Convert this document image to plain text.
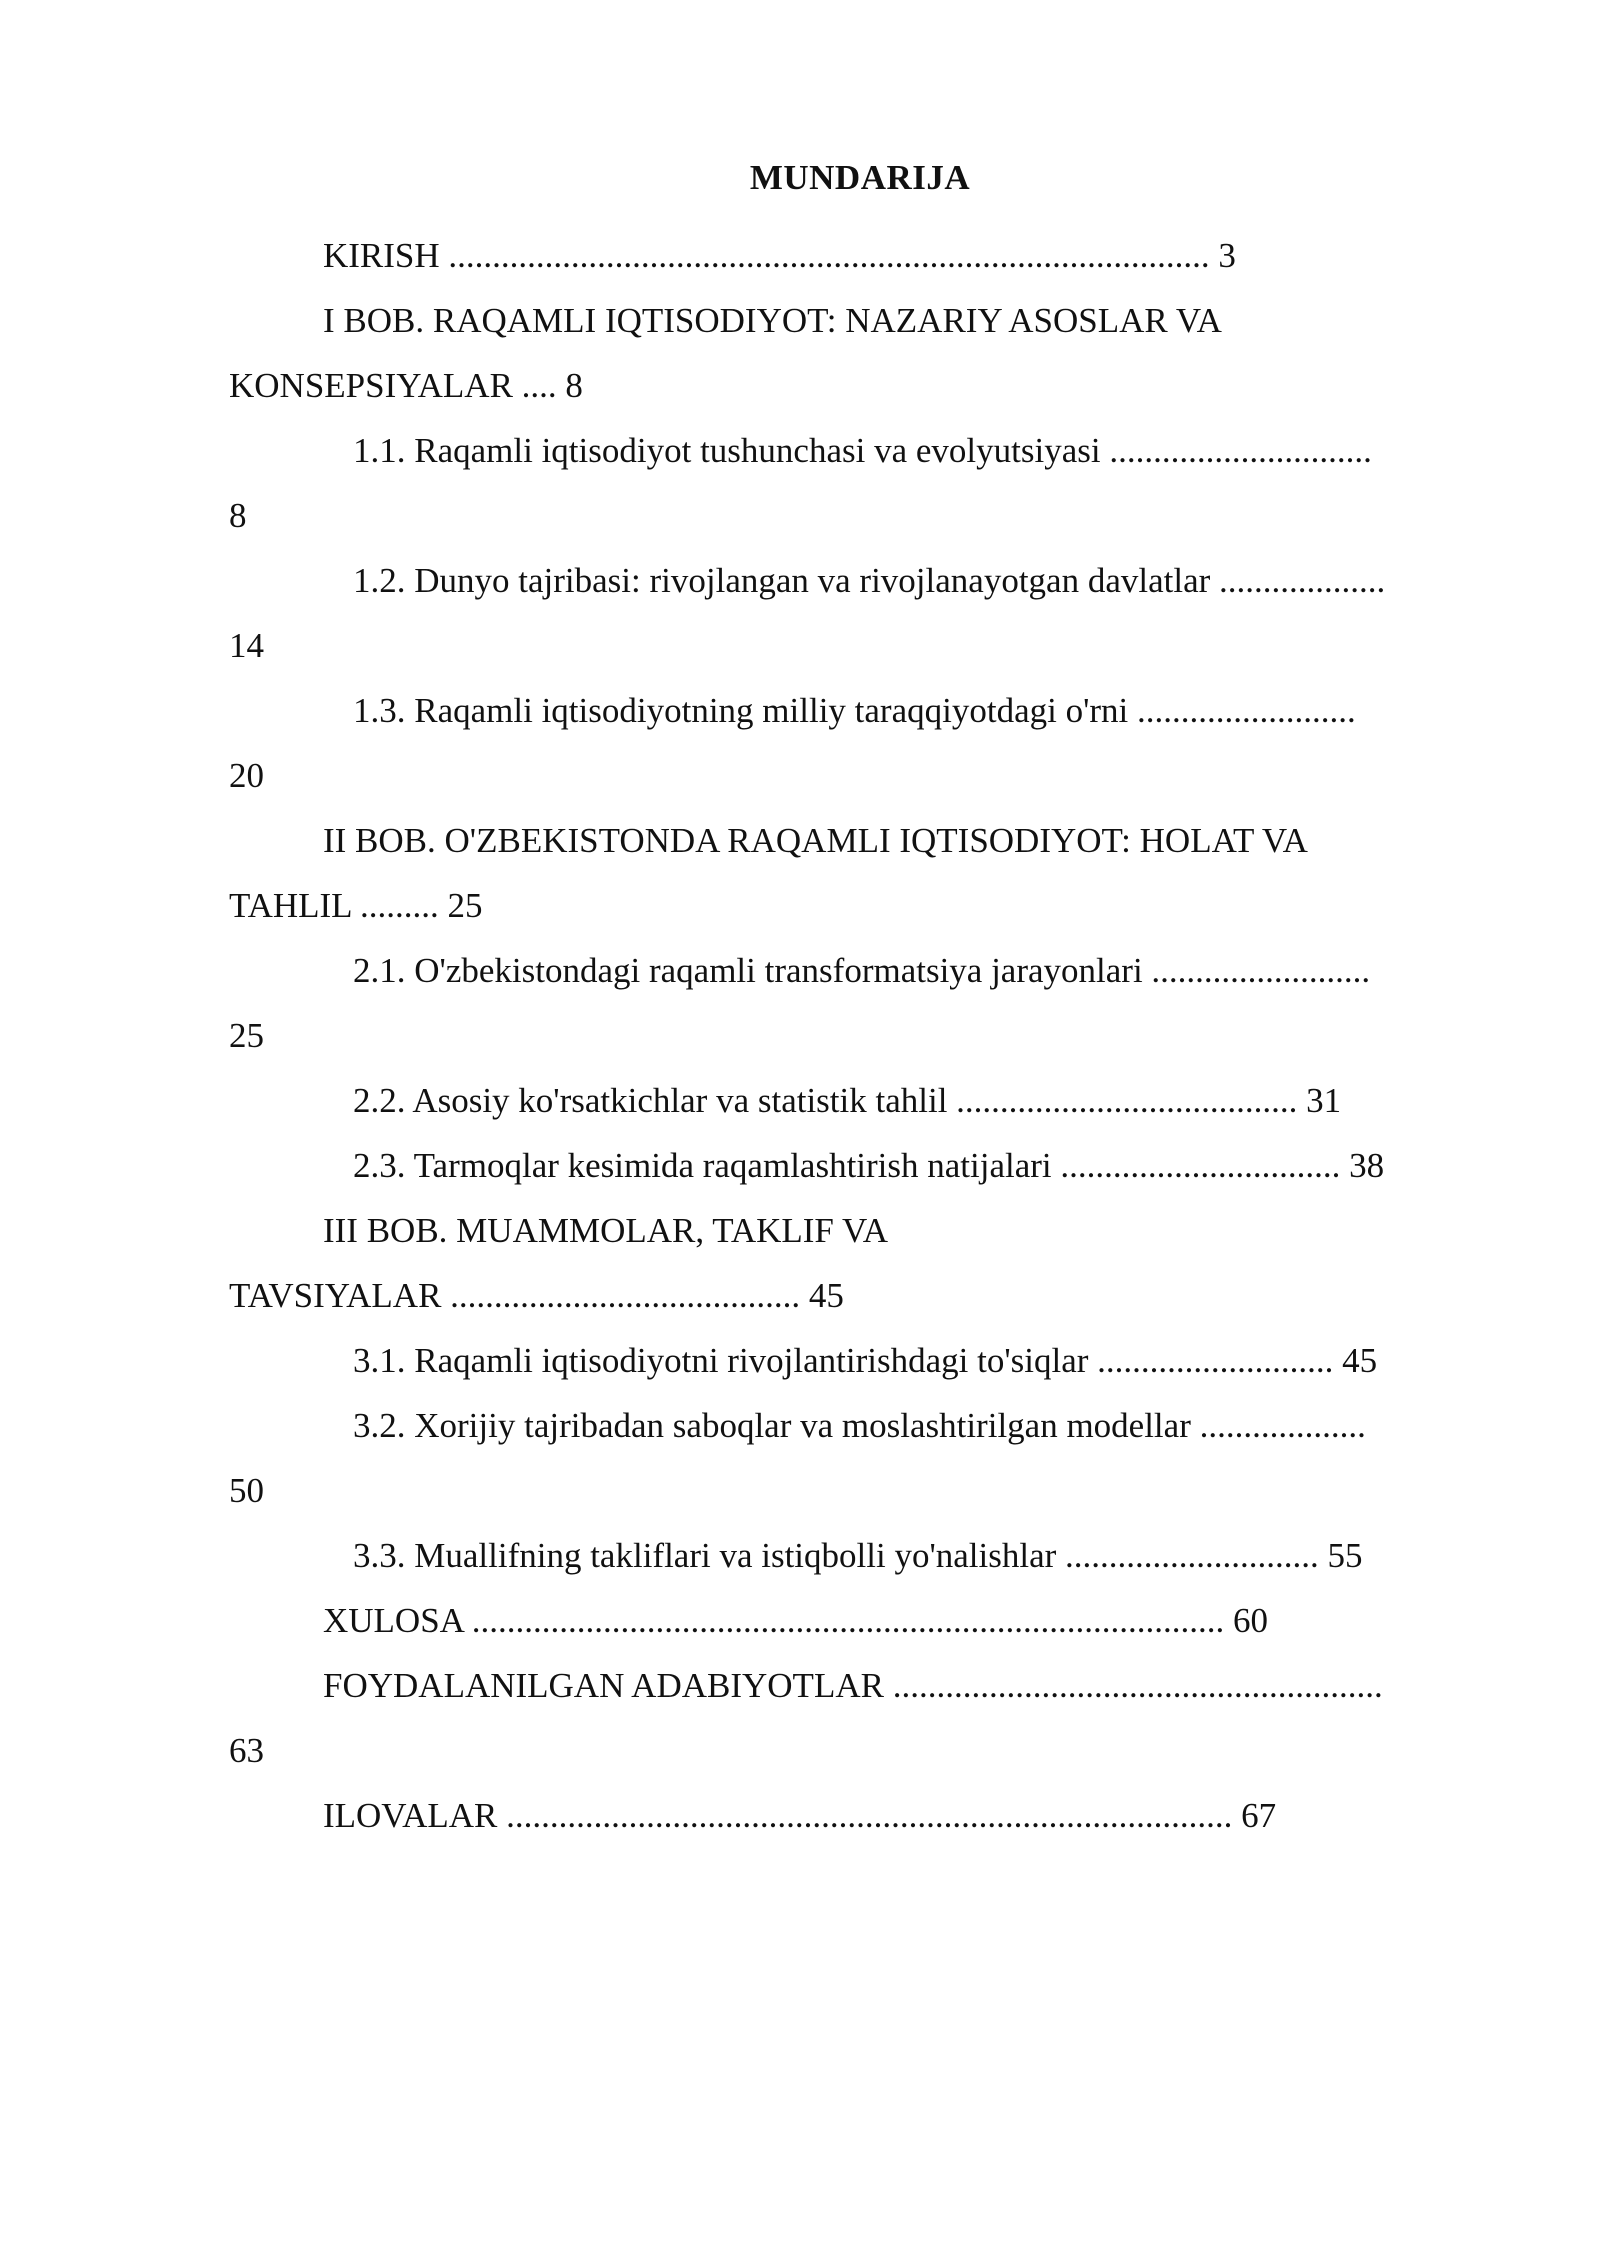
MUNDARIJA
KIRISH ....................................................................................... 3
I BOB. RAQAMLI IQTISODIYOT: NAZARIY ASOSLAR VA
KONSEPSIYALAR .... 8
1.1. Raqamli iqtisodiyot tushunchasi va evolyutsiyasi ..............................
8
1.2. Dunyo tajribasi: rivojlangan va rivojlanayotgan davlatlar ...................
14
1.3. Raqamli iqtisodiyotning milliy taraqqiyotdagi o'rni .........................
20
II BOB. O'ZBEKISTONDA RAQAMLI IQTISODIYOT: HOLAT VA
TAHLIL ......... 25
2.1. O'zbekistondagi raqamli transformatsiya jarayonlari .........................
25
2.2. Asosiy ko'rsatkichlar va statistik tahlil ....................................... 31
2.3. Tarmoqlar kesimida raqamlashtirish natijalari ................................ 38
III BOB. MUAMMOLAR, TAKLIF VA
TAVSIYALAR ........................................ 45
3.1. Raqamli iqtisodiyotni rivojlantirishdagi to'siqlar ........................... 45
3.2. Xorijiy tajribadan saboqlar va moslashtirilgan modellar ...................
50
3.3. Muallifning takliflari va istiqbolli yo'nalishlar ............................. 55
XULOSA ...................................................................................... 60
FOYDALANILGAN ADABIYOTLAR ........................................................
63
ILOVALAR ................................................................................... 67
